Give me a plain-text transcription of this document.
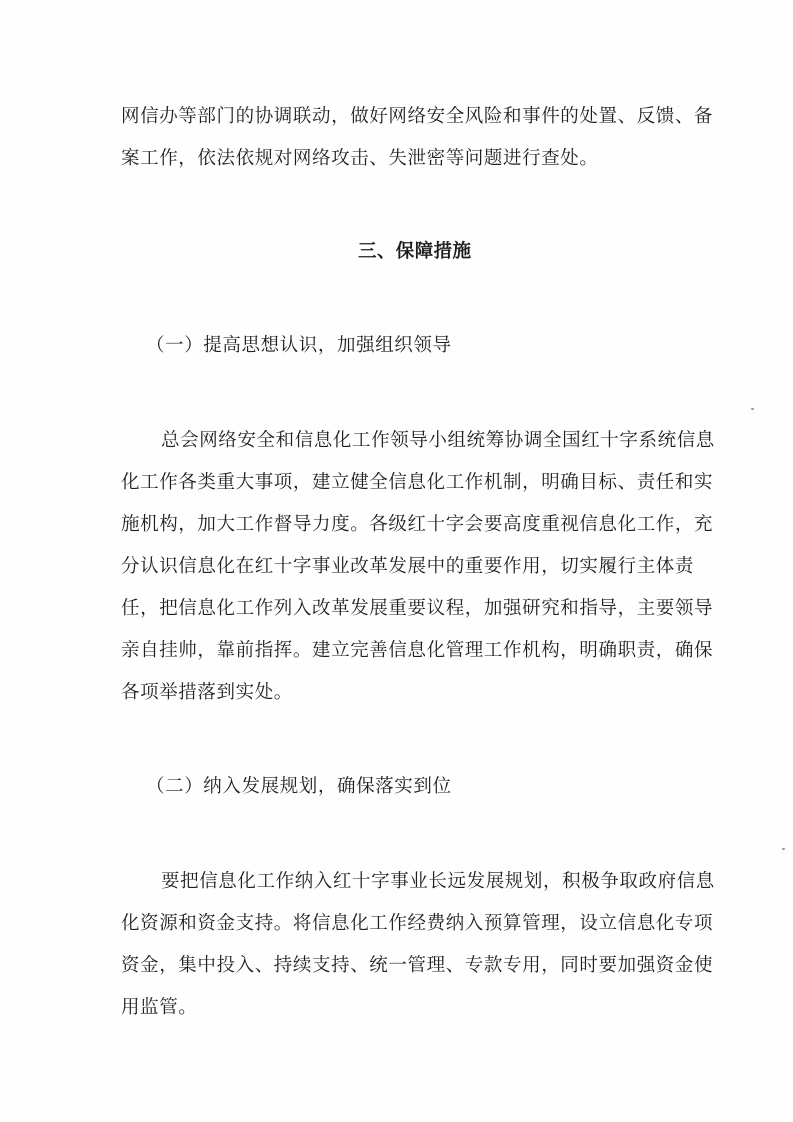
网信办等部门的协调联动，做好网络安全风险和事件的处置、反馈、备
案工作，依法依规对网络攻击、失泄密等问题进行查处。
三、保障措施
（一）提高思想认识，加强组织领导
总会网络安全和信息化工作领导小组统筹协调全国红十字系统信息
化工作各类重大事项，建立健全信息化工作机制，明确目标、责任和实
施机构，加大工作督导力度。各级红十字会要高度重视信息化工作，充
分认识信息化在红十字事业改革发展中的重要作用，切实履行主体责
任，把信息化工作列入改革发展重要议程，加强研究和指导，主要领导
亲自挂帅，靠前指挥。建立完善信息化管理工作机构，明确职责，确保
各项举措落到实处。
（二）纳入发展规划，确保落实到位
要把信息化工作纳入红十字事业长远发展规划，积极争取政府信息
化资源和资金支持。将信息化工作经费纳入预算管理，设立信息化专项
资金，集中投入、持续支持、统一管理、专款专用，同时要加强资金使
用监管。
